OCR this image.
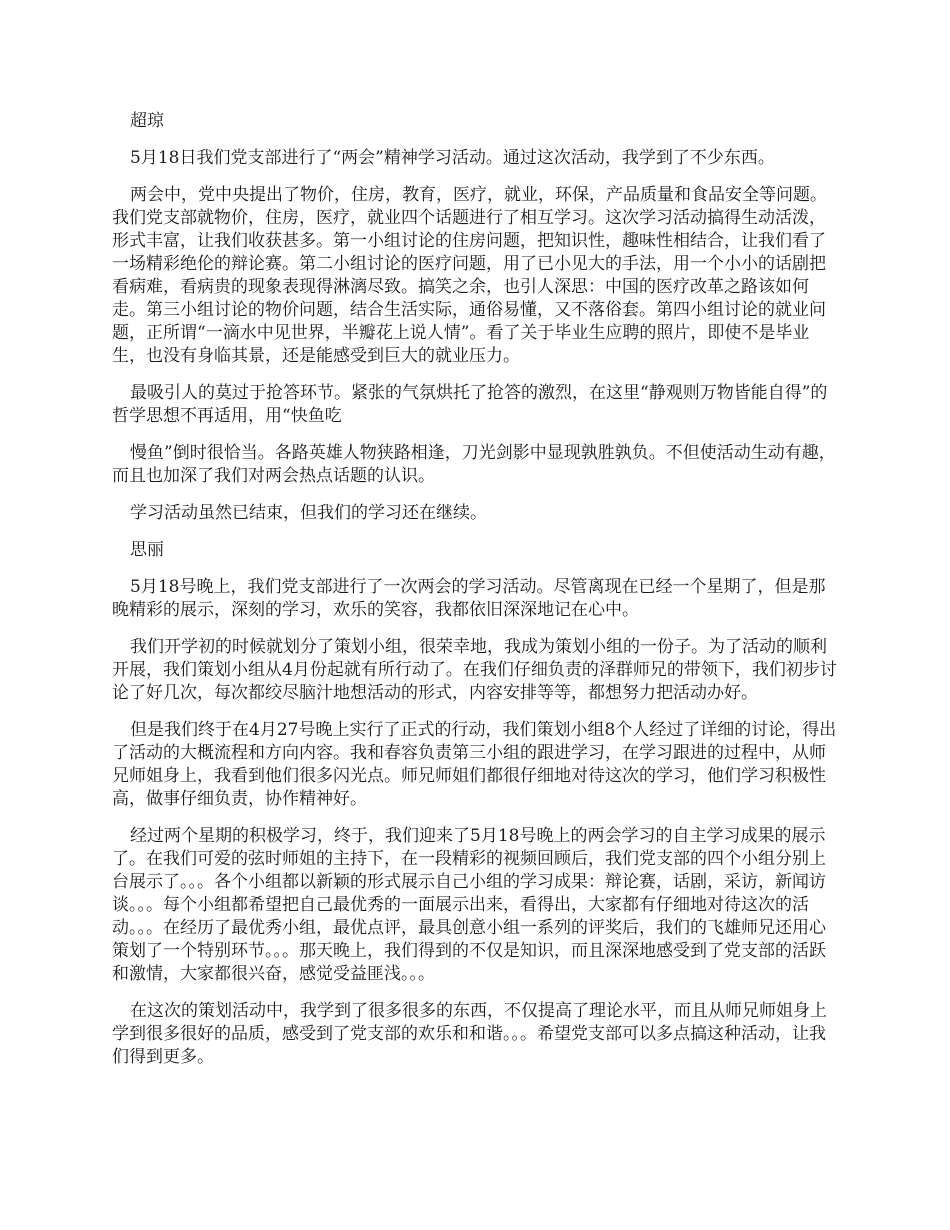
超琼

5月18日我们党支部进行了“两会”精神学习活动。通过这次活动，我学到了不少东西。

两会中，党中央提出了物价，住房，教育，医疗，就业，环保，产品质量和食品安全等问题。我们党支部就物价，住房，医疗，就业四个话题进行了相互学习。这次学习活动搞得生动活泼，形式丰富，让我们收获甚多。第一小组讨论的住房问题，把知识性，趣味性相结合，让我们看了一场精彩绝伦的辩论赛。第二小组讨论的医疗问题，用了已小见大的手法，用一个小小的话剧把看病难，看病贵的现象表现得淋漓尽致。搞笑之余，也引人深思：中国的医疗改革之路该如何走。第三小组讨论的物价问题，结合生活实际，通俗易懂，又不落俗套。第四小组讨论的就业问题，正所谓“一滴水中见世界，半瓣花上说人情”。看了关于毕业生应聘的照片，即使不是毕业生，也没有身临其景，还是能感受到巨大的就业压力。

最吸引人的莫过于抢答环节。紧张的气氛烘托了抢答的激烈，在这里“静观则万物皆能自得”的哲学思想不再适用，用“快鱼吃

慢鱼”倒时很恰当。各路英雄人物狭路相逢，刀光剑影中显现孰胜孰负。不但使活动生动有趣，而且也加深了我们对两会热点话题的认识。

学习活动虽然已结束，但我们的学习还在继续。

思丽

5月18号晚上，我们党支部进行了一次两会的学习活动。尽管离现在已经一个星期了，但是那晚精彩的展示，深刻的学习，欢乐的笑容，我都依旧深深地记在心中。

我们开学初的时候就划分了策划小组，很荣幸地，我成为策划小组的一份子。为了活动的顺利开展，我们策划小组从4月份起就有所行动了。在我们仔细负责的泽群师兄的带领下，我们初步讨论了好几次，每次都绞尽脑汁地想活动的形式，内容安排等等，都想努力把活动办好。

但是我们终于在4月27号晚上实行了正式的行动，我们策划小组8个人经过了详细的讨论，得出了活动的大概流程和方向内容。我和春容负责第三小组的跟进学习，在学习跟进的过程中，从师兄师姐身上，我看到他们很多闪光点。师兄师姐们都很仔细地对待这次的学习，他们学习积极性高，做事仔细负责，协作精神好。

经过两个星期的积极学习，终于，我们迎来了5月18号晚上的两会学习的自主学习成果的展示了。在我们可爱的弦时师姐的主持下，在一段精彩的视频回顾后，我们党支部的四个小组分别上台展示了。。。各个小组都以新颖的形式展示自己小组的学习成果：辩论赛，话剧，采访，新闻访谈。。。每个小组都希望把自己最优秀的一面展示出来，看得出，大家都有仔细地对待这次的活动。。。在经历了最优秀小组，最优点评，最具创意小组一系列的评奖后，我们的飞雄师兄还用心策划了一个特别环节。。。那天晚上，我们得到的不仅是知识，而且深深地感受到了党支部的活跃和激情，大家都很兴奋，感觉受益匪浅。。。

在这次的策划活动中，我学到了很多很多的东西，不仅提高了理论水平，而且从师兄师姐身上学到很多很好的品质，感受到了党支部的欢乐和和谐。。。希望党支部可以多点搞这种活动，让我们得到更多。
